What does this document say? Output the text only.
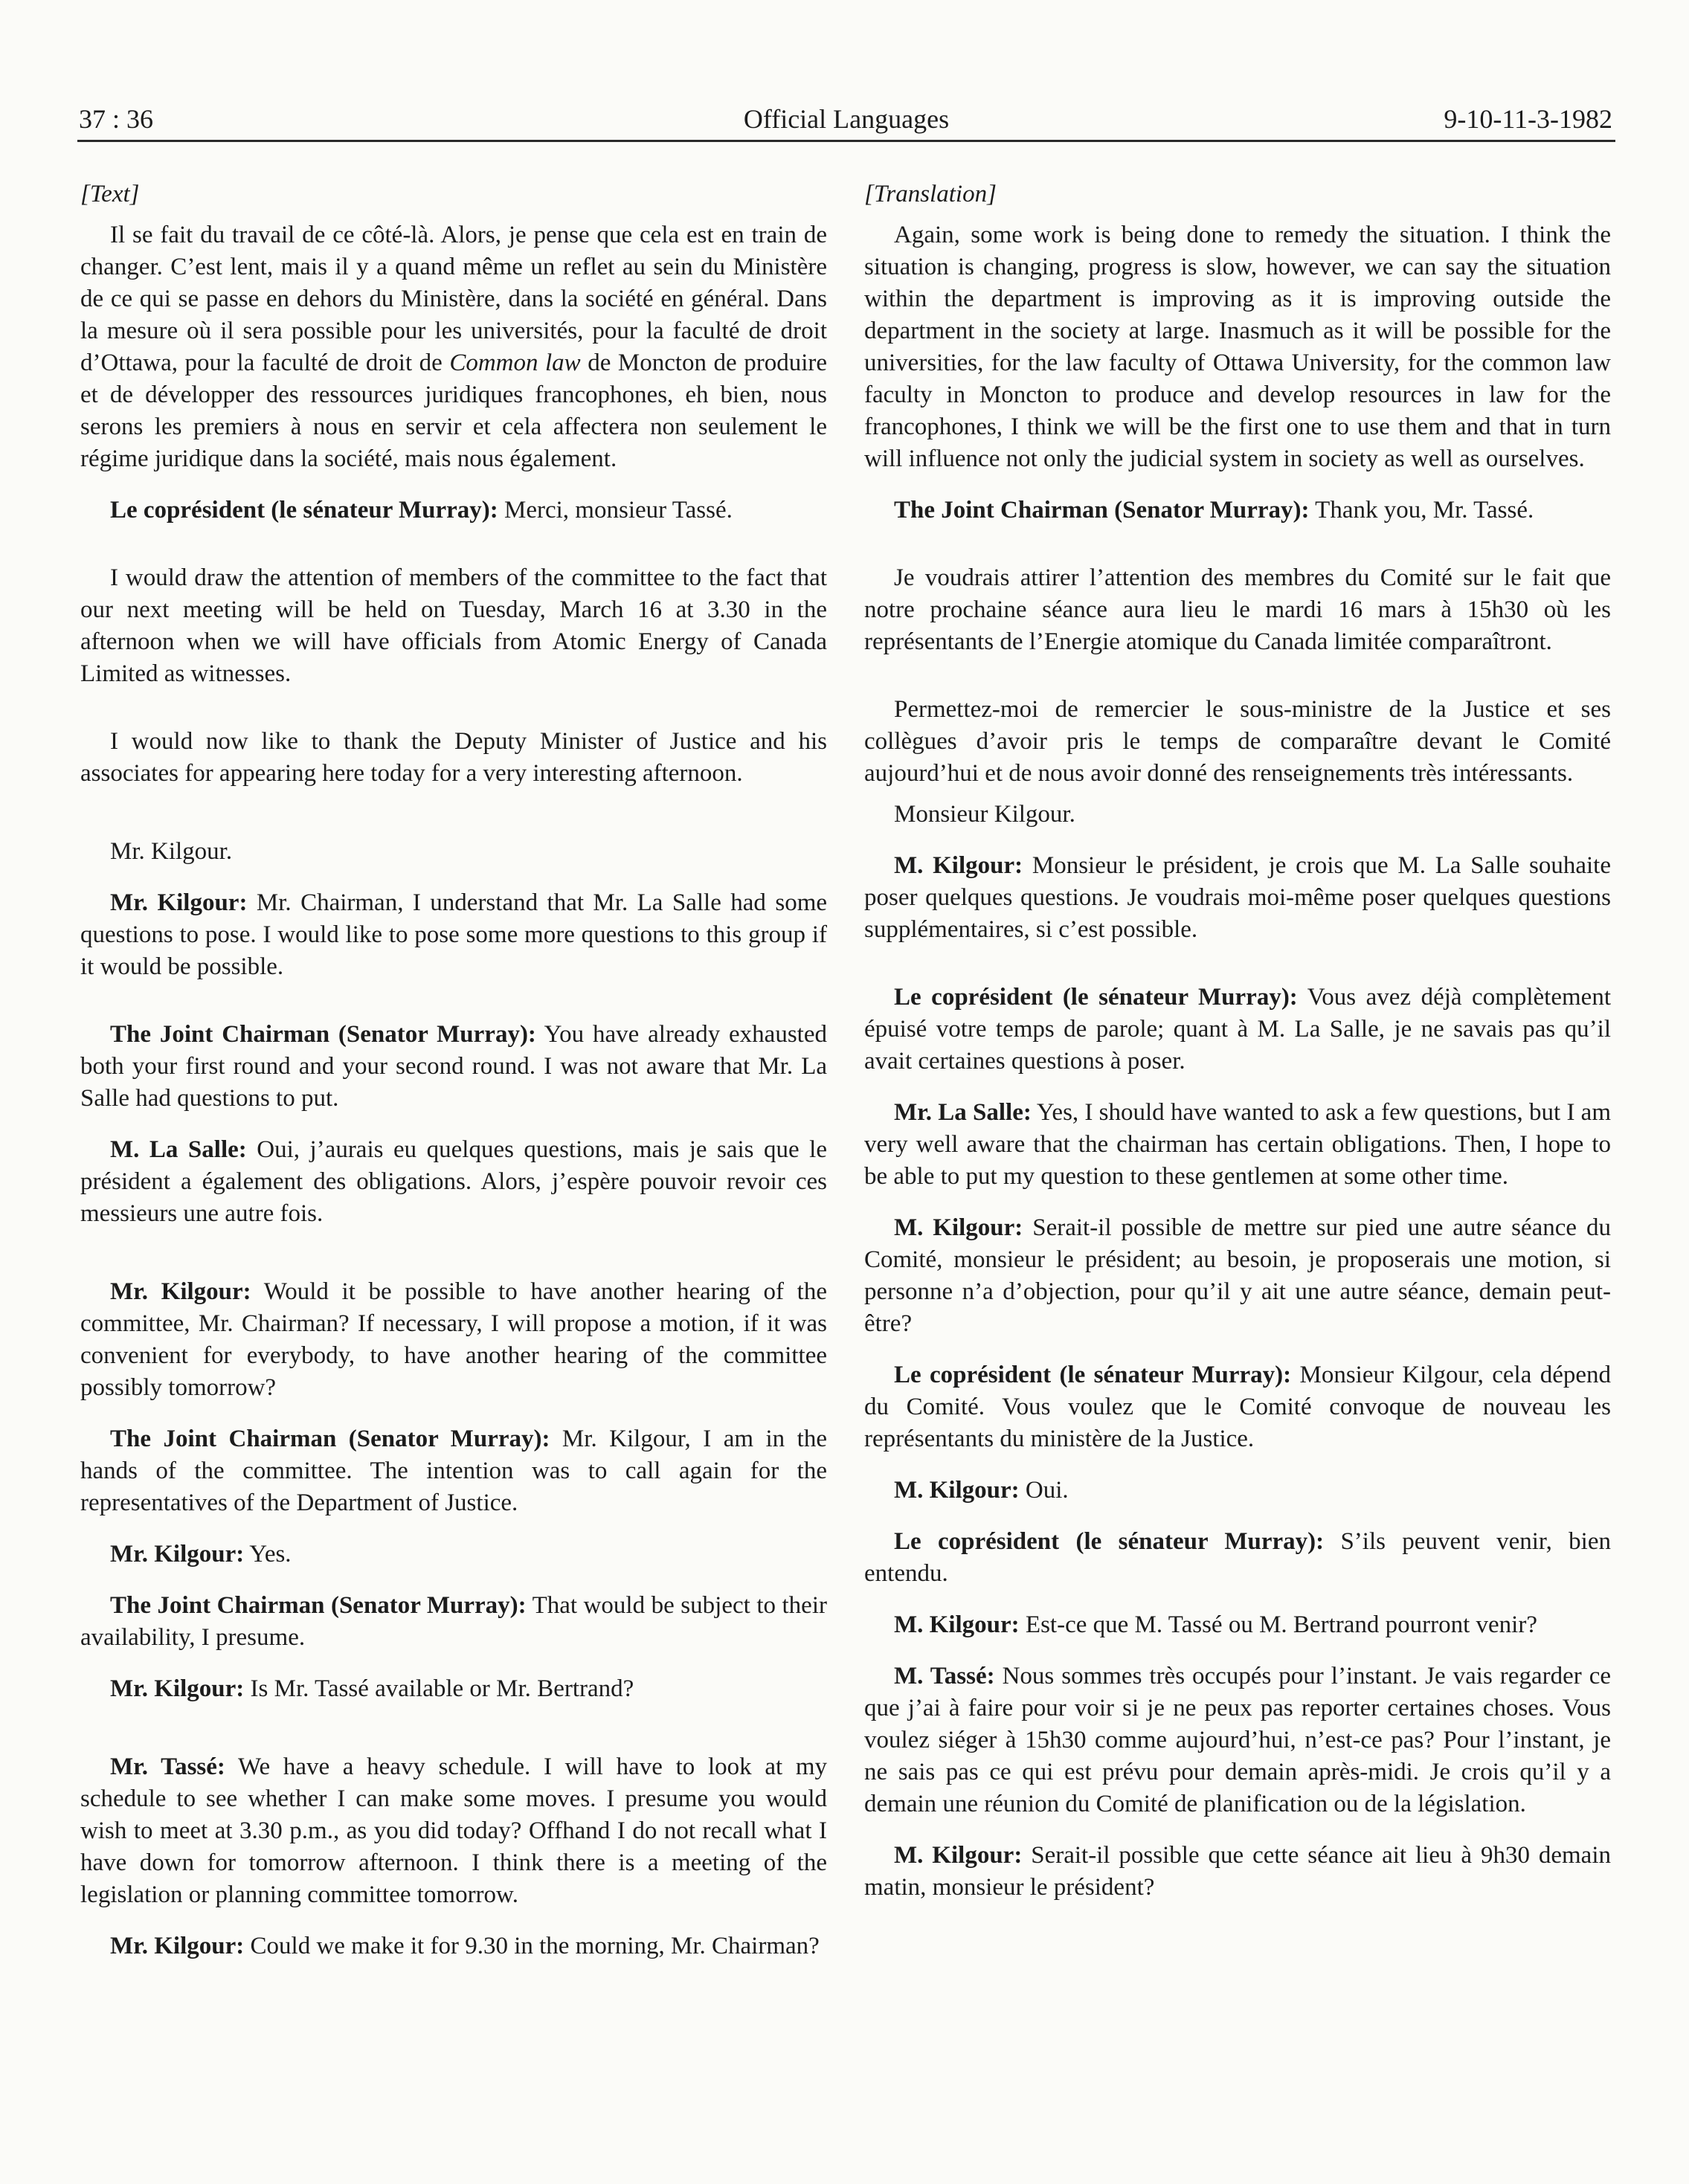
37 : 36	Official Languages	9-10-11-3-1982

[Text]

Il se fait du travail de ce côté-là. Alors, je pense que cela est en train de changer. C’est lent, mais il y a quand même un reflet au sein du Ministère de ce qui se passe en dehors du Ministère, dans la société en général. Dans la mesure où il sera possible pour les universités, pour la faculté de droit d’Ottawa, pour la faculté de droit de Common law de Moncton de produire et de développer des ressources juridiques francophones, eh bien, nous serons les premiers à nous en servir et cela affectera non seulement le régime juridique dans la société, mais nous également.

Le coprésident (le sénateur Murray): Merci, monsieur Tassé.

I would draw the attention of members of the committee to the fact that our next meeting will be held on Tuesday, March 16 at 3.30 in the afternoon when we will have officials from Atomic Energy of Canada Limited as witnesses.

I would now like to thank the Deputy Minister of Justice and his associates for appearing here today for a very interesting afternoon.

Mr. Kilgour.

Mr. Kilgour: Mr. Chairman, I understand that Mr. La Salle had some questions to pose. I would like to pose some more questions to this group if it would be possible.

The Joint Chairman (Senator Murray): You have already exhausted both your first round and your second round. I was not aware that Mr. La Salle had questions to put.

M. La Salle: Oui, j’aurais eu quelques questions, mais je sais que le président a également des obligations. Alors, j’espère pouvoir revoir ces messieurs une autre fois.

Mr. Kilgour: Would it be possible to have another hearing of the committee, Mr. Chairman? If necessary, I will propose a motion, if it was convenient for everybody, to have another hearing of the committee possibly tomorrow?

The Joint Chairman (Senator Murray): Mr. Kilgour, I am in the hands of the committee. The intention was to call again for the representatives of the Department of Justice.

Mr. Kilgour: Yes.

The Joint Chairman (Senator Murray): That would be subject to their availability, I presume.

Mr. Kilgour: Is Mr. Tassé available or Mr. Bertrand?

Mr. Tassé: We have a heavy schedule. I will have to look at my schedule to see whether I can make some moves. I presume you would wish to meet at 3.30 p.m., as you did today? Offhand I do not recall what I have down for tomorrow afternoon. I think there is a meeting of the legislation or planning committee tomorrow.

Mr. Kilgour: Could we make it for 9.30 in the morning, Mr. Chairman?

[Translation]

Again, some work is being done to remedy the situation. I think the situation is changing, progress is slow, however, we can say the situation within the department is improving as it is improving outside the department in the society at large. Inasmuch as it will be possible for the universities, for the law faculty of Ottawa University, for the common law faculty in Moncton to produce and develop resources in law for the francophones, I think we will be the first one to use them and that in turn will influence not only the judicial system in society as well as ourselves.

The Joint Chairman (Senator Murray): Thank you, Mr. Tassé.

Je voudrais attirer l’attention des membres du Comité sur le fait que notre prochaine séance aura lieu le mardi 16 mars à 15h30 où les représentants de l’Energie atomique du Canada limitée comparaîtront.

Permettez-moi de remercier le sous-ministre de la Justice et ses collègues d’avoir pris le temps de comparaître devant le Comité aujourd’hui et de nous avoir donné des renseignements très intéressants.

Monsieur Kilgour.

M. Kilgour: Monsieur le président, je crois que M. La Salle souhaite poser quelques questions. Je voudrais moi-même poser quelques questions supplémentaires, si c’est possible.

Le coprésident (le sénateur Murray): Vous avez déjà complètement épuisé votre temps de parole; quant à M. La Salle, je ne savais pas qu’il avait certaines questions à poser.

Mr. La Salle: Yes, I should have wanted to ask a few questions, but I am very well aware that the chairman has certain obligations. Then, I hope to be able to put my question to these gentlemen at some other time.

M. Kilgour: Serait-il possible de mettre sur pied une autre séance du Comité, monsieur le président; au besoin, je proposerais une motion, si personne n’a d’objection, pour qu’il y ait une autre séance, demain peut-être?

Le coprésident (le sénateur Murray): Monsieur Kilgour, cela dépend du Comité. Vous voulez que le Comité convoque de nouveau les représentants du ministère de la Justice.

M. Kilgour: Oui.

Le coprésident (le sénateur Murray): S’ils peuvent venir, bien entendu.

M. Kilgour: Est-ce que M. Tassé ou M. Bertrand pourront venir?

M. Tassé: Nous sommes très occupés pour l’instant. Je vais regarder ce que j’ai à faire pour voir si je ne peux pas reporter certaines choses. Vous voulez siéger à 15h30 comme aujourd’hui, n’est-ce pas? Pour l’instant, je ne sais pas ce qui est prévu pour demain après-midi. Je crois qu’il y a demain une réunion du Comité de planification ou de la législation.

M. Kilgour: Serait-il possible que cette séance ait lieu à 9h30 demain matin, monsieur le président?
